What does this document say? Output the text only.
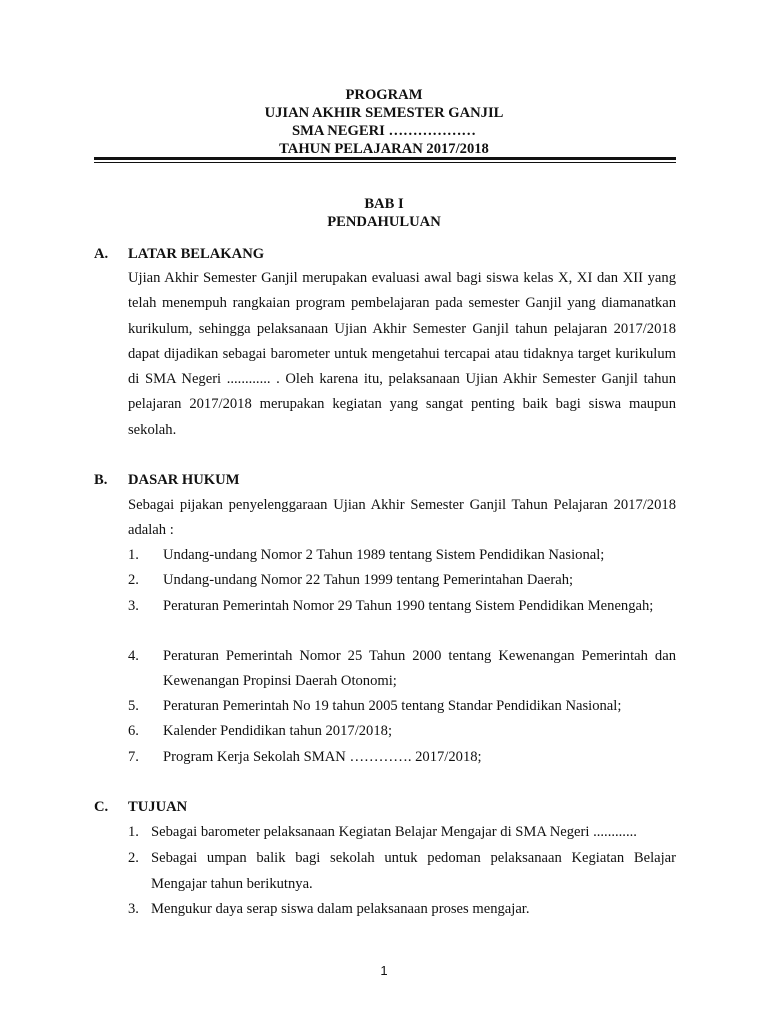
PROGRAM
UJIAN AKHIR SEMESTER GANJIL
SMA NEGERI ………………
TAHUN PELAJARAN 2017/2018
BAB I
PENDAHULUAN
A. LATAR BELAKANG

Ujian Akhir Semester Ganjil merupakan evaluasi awal bagi siswa kelas X, XI dan XII yang telah menempuh rangkaian program pembelajaran pada semester Ganjil yang diamanatkan kurikulum, sehingga pelaksanaan Ujian Akhir Semester Ganjil tahun pelajaran 2017/2018 dapat dijadikan sebagai barometer untuk mengetahui tercapai atau tidaknya target kurikulum di SMA Negeri ............ . Oleh karena itu, pelaksanaan Ujian Akhir Semester Ganjil tahun pelajaran 2017/2018 merupakan kegiatan yang sangat penting baik bagi siswa maupun sekolah.

B. DASAR HUKUM

Sebagai pijakan penyelenggaraan Ujian Akhir Semester Ganjil Tahun Pelajaran 2017/2018 adalah :

1. Undang-undang Nomor 2 Tahun 1989 tentang Sistem Pendidikan Nasional;

2. Undang-undang Nomor 22 Tahun 1999 tentang Pemerintahan Daerah;

3. Peraturan Pemerintah Nomor 29 Tahun 1990 tentang Sistem Pendidikan Menengah;

4. Peraturan Pemerintah Nomor 25 Tahun 2000 tentang Kewenangan Pemerintah dan Kewenangan Propinsi Daerah Otonomi;

5. Peraturan Pemerintah No 19 tahun 2005 tentang Standar Pendidikan Nasional;

6. Kalender Pendidikan tahun 2017/2018;

7. Program Kerja Sekolah SMAN …………. 2017/2018;

C. TUJUAN
1. Sebagai barometer pelaksanaan Kegiatan Belajar Mengajar di SMA Negeri ............

2. Sebagai umpan balik bagi sekolah untuk pedoman pelaksanaan Kegiatan Belajar Mengajar tahun berikutnya.

3. Mengukur daya serap siswa dalam pelaksanaan proses mengajar.

1
